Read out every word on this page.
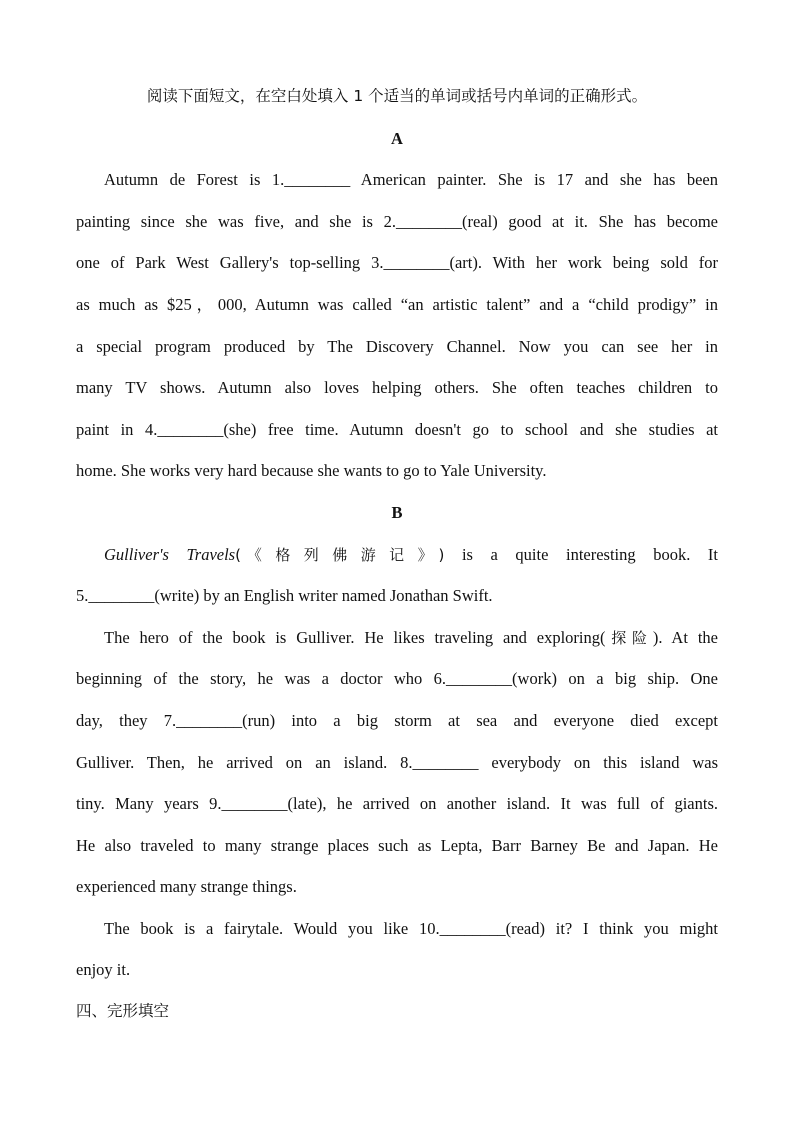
阅读下面短文，在空白处填入 1 个适当的单词或括号内单词的正确形式。
A
Autumn de Forest is 1.________ American painter. She is 17 and she has been
painting since she was five, and she is 2.________(real) good at it. She has become
one of Park West Gallery's top-selling 3.________(art). With her work being sold for
as much as $25，000, Autumn was called “an artistic talent” and a “child prodigy” in
a special program produced by The Discovery Channel. Now you can see her in
many TV shows. Autumn also loves helping others. She often teaches children to
paint in 4.________(she) free time. Autumn doesn't go to school and she studies at
home. She works very hard because she wants to go to Yale University.
B
Gulliver's Travels(《格列佛游记》) is a quite interesting book. It
5.________(write) by an English writer named Jonathan Swift.
The hero of the book is Gulliver. He likes traveling and exploring(探险). At the
beginning of the story, he was a doctor who 6.________(work) on a big ship. One
day, they 7.________(run) into a big storm at sea and everyone died except
Gulliver. Then, he arrived on an island. 8.________ everybody on this island was
tiny. Many years 9.________(late), he arrived on another island. It was full of giants.
He also traveled to many strange places such as Lepta, Barr Barney Be and Japan. He
experienced many strange things.
The book is a fairytale. Would you like 10.________(read) it? I think you might
enjoy it.
四、完形填空
